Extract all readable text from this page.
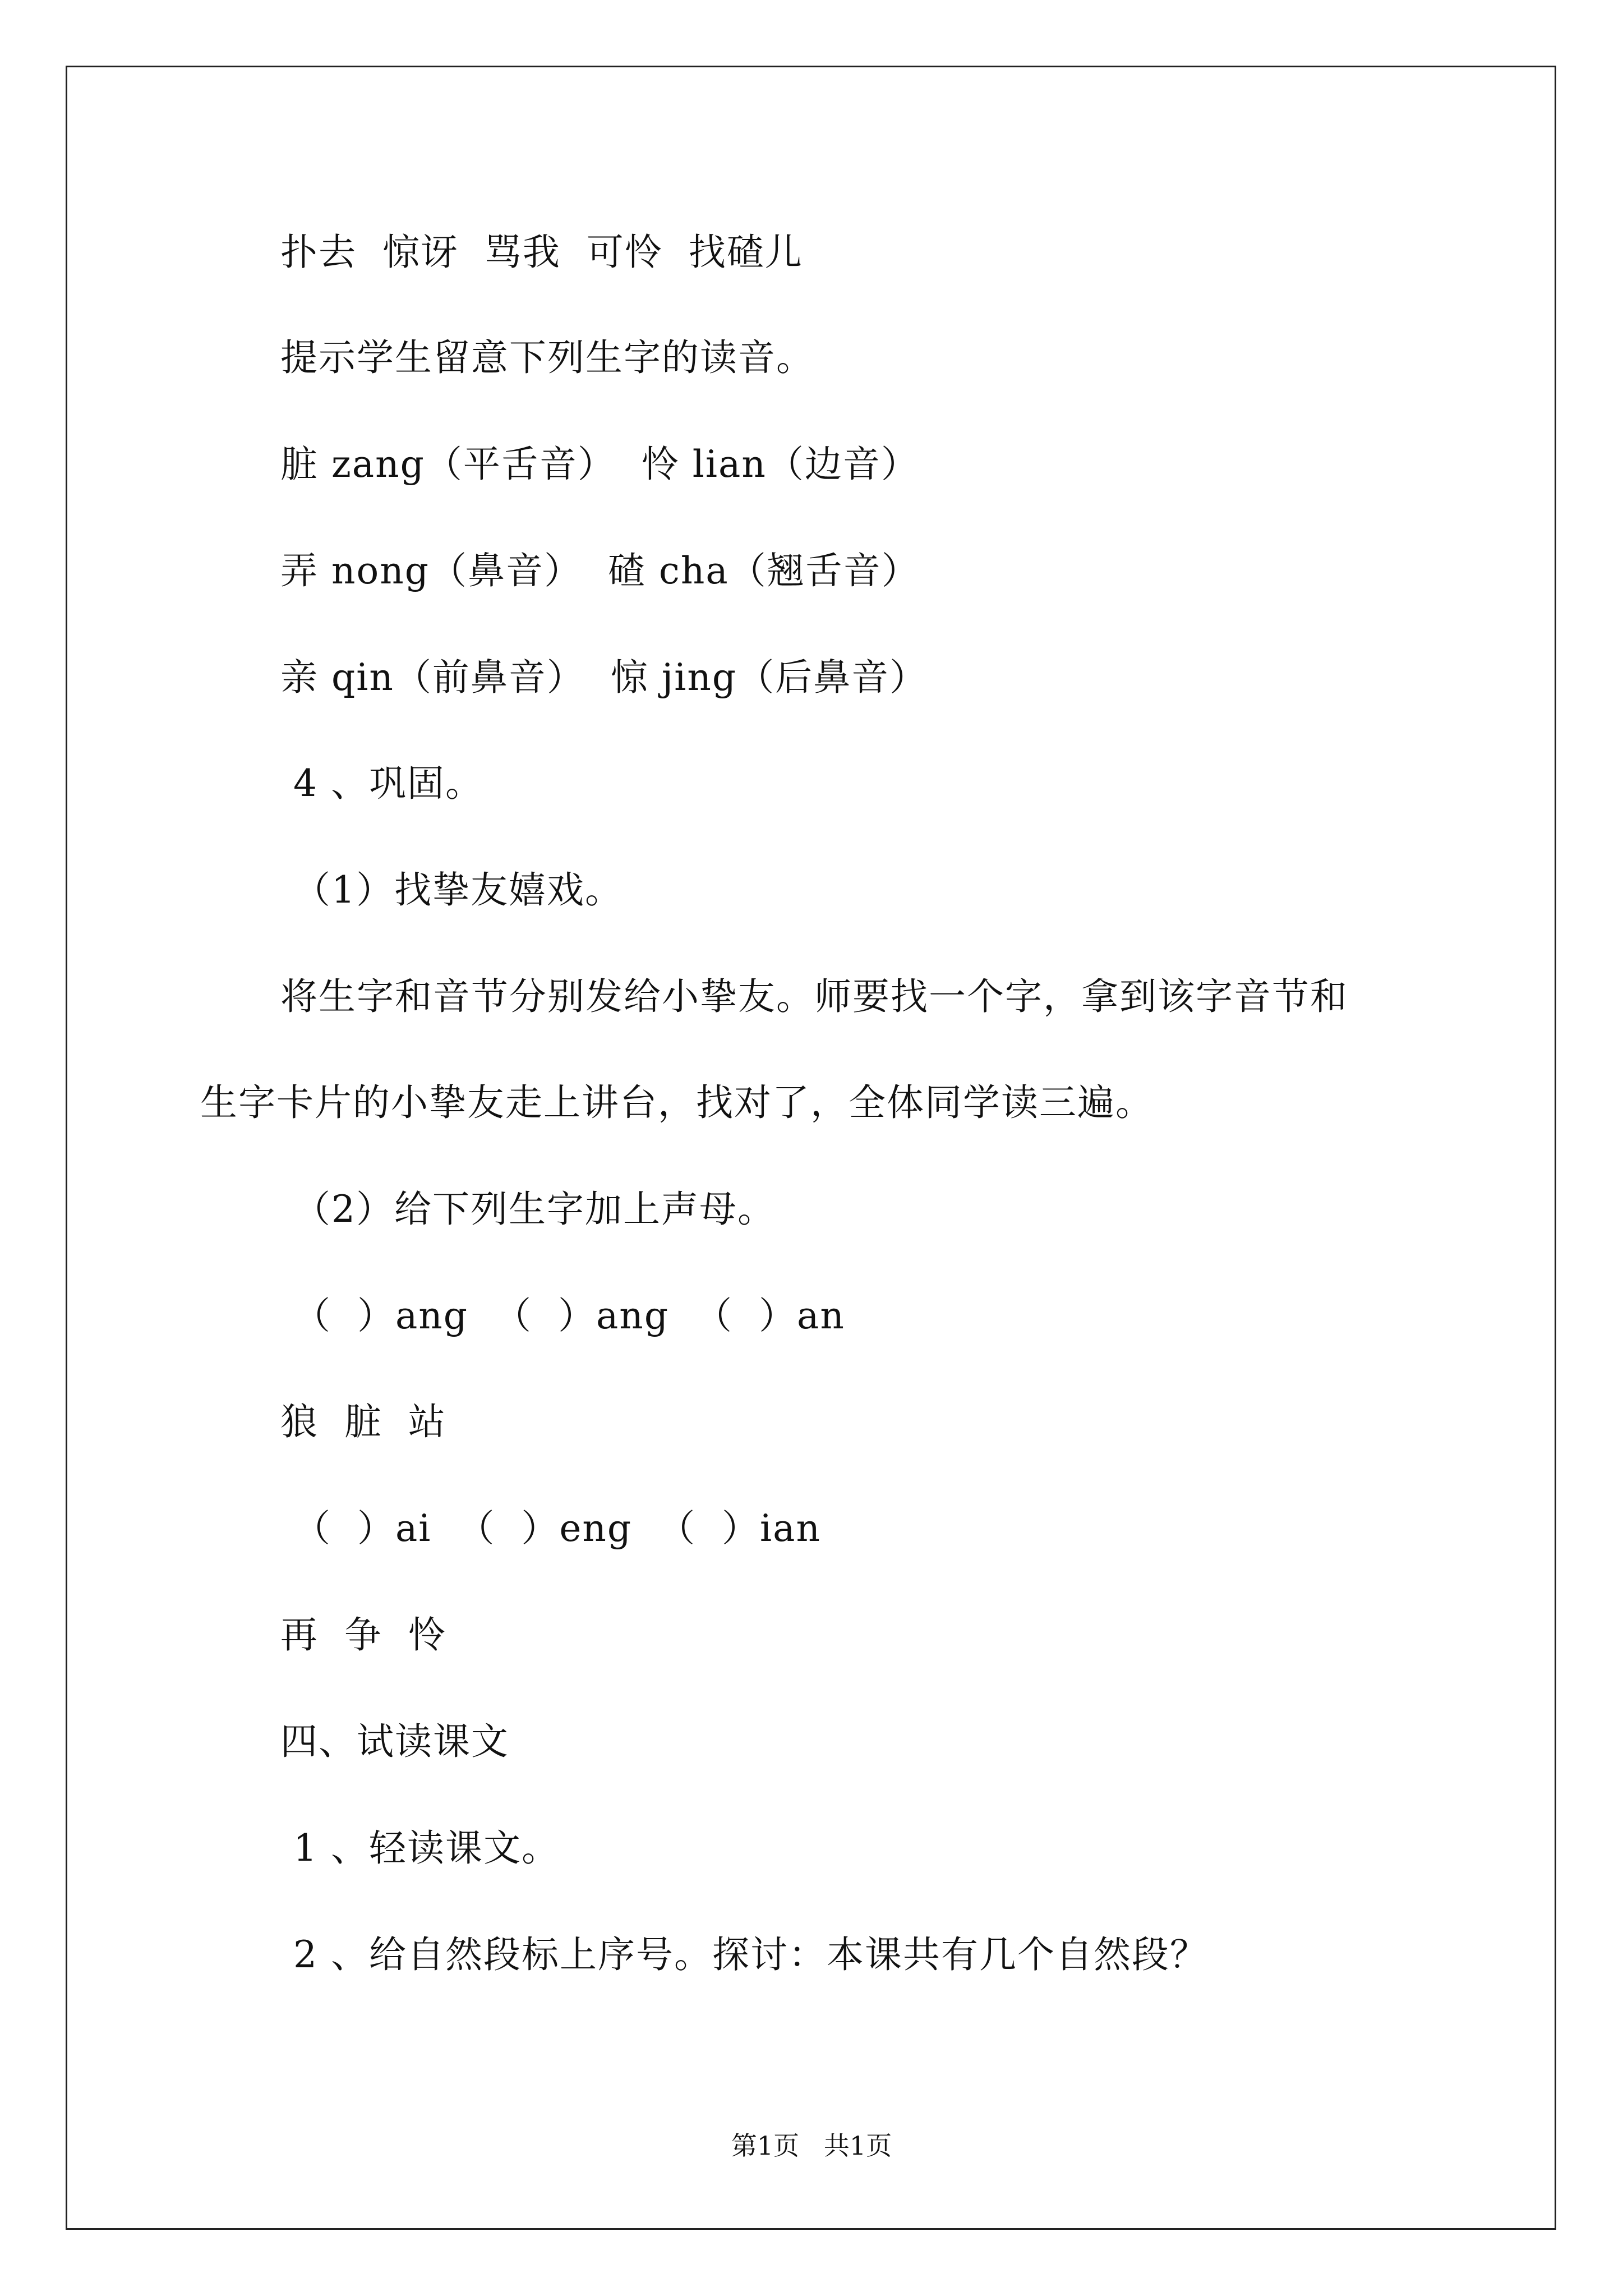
扑去  惊讶  骂我  可怜  找碴儿
提示学生留意下列生字的读音。
脏 zang（平舌音）  怜 lian（边音）
弄 nong（鼻音）  碴 cha（翘舌音）
亲 qin（前鼻音）  惊 jing（后鼻音）
4 、巩固。
（1）找挚友嬉戏。
将生字和音节分别发给小挚友。师要找一个字，拿到该字音节和
生字卡片的小挚友走上讲台，找对了，全体同学读三遍。
（2）给下列生字加上声母。
（  ）ang  （  ）ang  （  ）an
狼  脏  站
（  ）ai  （  ）eng  （  ）ian
再  争  怜
四、试读课文
1 、轻读课文。
2 、给自然段标上序号。探讨：本课共有几个自然段？
第1页   共1页
